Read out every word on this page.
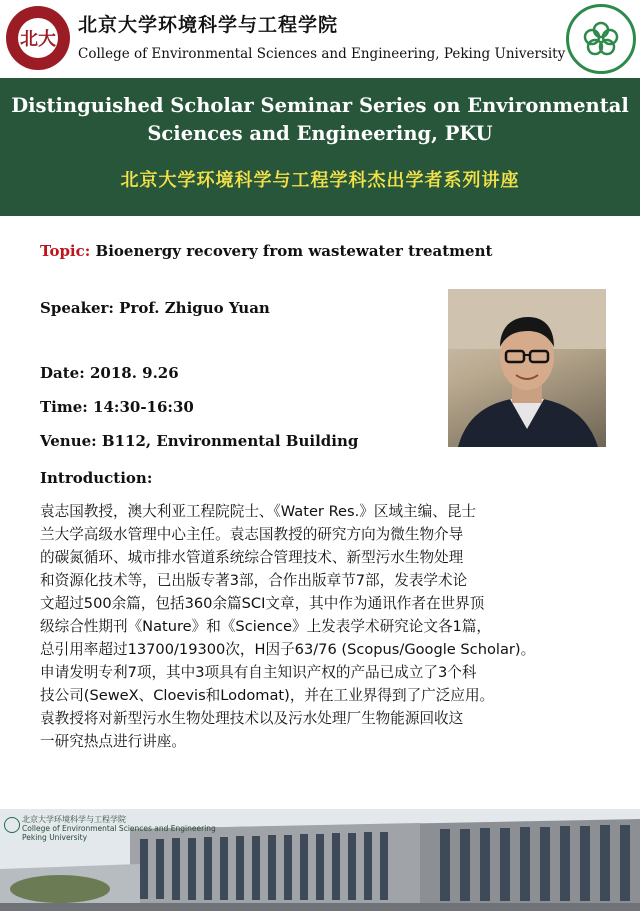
北大
北京大学环境科学与工程学院
College of Environmental Sciences and Engineering, Peking University
Distinguished Scholar Seminar Series on Environmental
Sciences and Engineering, PKU
北京大学环境科学与工程学科杰出学者系列讲座
Topic: Bioenergy recovery from wastewater treatment
Speaker: Prof. Zhiguo Yuan
Date: 2018. 9.26
Time: 14:30-16:30
Venue: B112, Environmental Building
Introduction:
袁志国教授，澳大利亚工程院院士、《Water Res.》区域主编、昆士
兰大学高级水管理中心主任。袁志国教授的研究方向为微生物介导
的碳氮循环、城市排水管道系统综合管理技术、新型污水生物处理
和资源化技术等，已出版专著3部，合作出版章节7部，发表学术论
文超过500余篇，包括360余篇SCI文章，其中作为通讯作者在世界顶
级综合性期刊《Nature》和《Science》上发表学术研究论文各1篇，
总引用率超过13700/19300次，H因子63/76 (Scopus/Google Scholar)。
申请发明专利7项，其中3项具有自主知识产权的产品已成立了3个科
技公司(SeweX、Cloevis和Lodomat)，并在工业界得到了广泛应用。
袁教授将对新型污水生物处理技术以及污水处理厂生物能源回收这
一研究热点进行讲座。
北京大学环境科学与工程学院
College of Environmental Sciences and Engineering
Peking University
